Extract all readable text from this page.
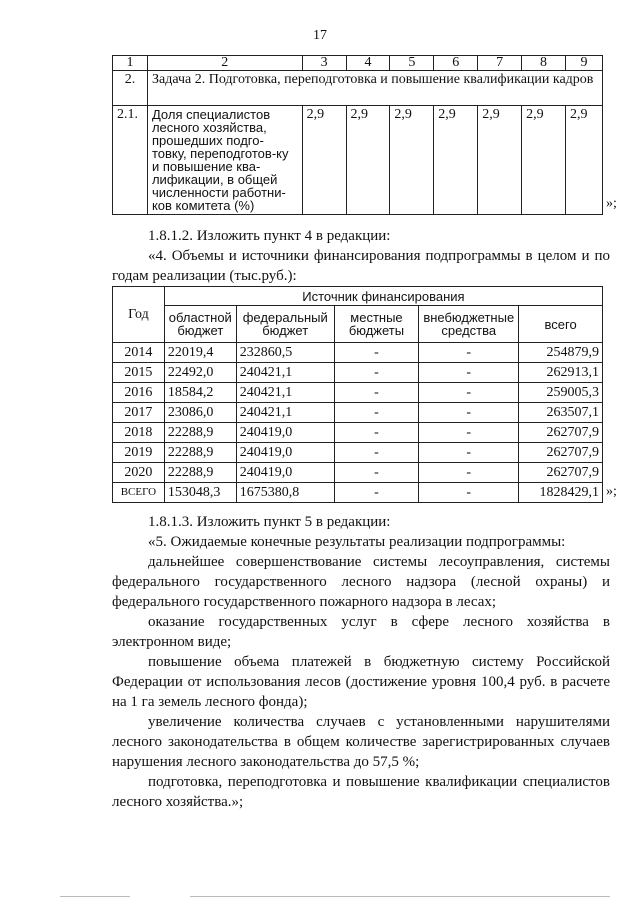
17
1	2	3	4	5	6	7	8	9
2.	Задача 2. Подготовка, переподготовка и повышение квалификации кадров							
2.1.	Доля специалистов лесного хозяйства, прошедших подго-товку, переподготов-ку и повышение ква-лификации, в общей численности работни-ков комитета (%)	2,9	2,9	2,9	2,9	2,9	2,9	2,9
»;
1.8.1.2. Изложить пункт 4 в редакции:
«4. Объемы и источники финансирования подпрограммы в целом и по годам реализации (тыс.руб.):
Год	Источник финансирования				
	областной бюджет	федеральный бюджет	местные бюджеты	внебюджетные средства	всего
2014	22019,4	232860,5	-	-	254879,9
2015	22492,0	240421,1	-	-	262913,1
2016	18584,2	240421,1	-	-	259005,3
2017	23086,0	240421,1	-	-	263507,1
2018	22288,9	240419,0	-	-	262707,9
2019	22288,9	240419,0	-	-	262707,9
2020	22288,9	240419,0	-	-	262707,9
ВСЕГО	153048,3	1675380,8	-	-	1828429,1 »;
1.8.1.3. Изложить пункт 5 в редакции:
«5. Ожидаемые конечные результаты реализации подпрограммы:
дальнейшее совершенствование системы лесоуправления, системы федерального государственного лесного надзора (лесной охраны) и федерального государственного пожарного надзора в лесах;
оказание государственных услуг в сфере лесного хозяйства в электронном виде;
повышение объема платежей в бюджетную систему Российской Федерации от использования лесов (достижение уровня 100,4 руб. в расчете на 1 га земель лесного фонда);
увеличение количества случаев с установленными нарушителями лесного законодательства в общем количестве зарегистрированных случаев нарушения лесного законодательства до 57,5 %;
подготовка, переподготовка и повышение квалификации специалистов лесного хозяйства.»;
